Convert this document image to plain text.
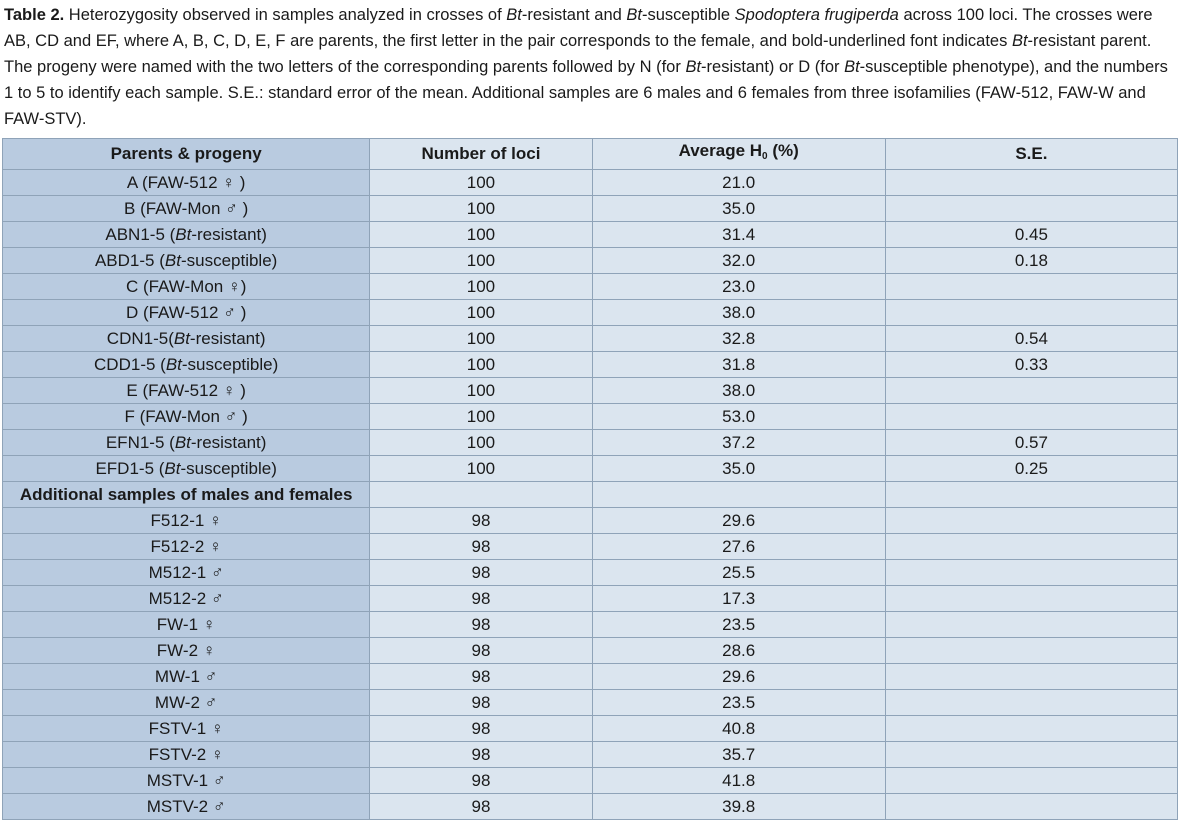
Table 2. Heterozygosity observed in samples analyzed in crosses of Bt-resistant and Bt-susceptible Spodoptera frugiperda across 100 loci. The crosses were AB, CD and EF, where A, B, C, D, E, F are parents, the first letter in the pair corresponds to the female, and bold-underlined font indicates Bt-resistant parent. The progeny were named with the two letters of the corresponding parents followed by N (for Bt-resistant) or D (for Bt-susceptible phenotype), and the numbers 1 to 5 to identify each sample. S.E.: standard error of the mean. Additional samples are 6 males and 6 females from three isofamilies (FAW-512, FAW-W and FAW-STV).
Parents & progeny	Number of loci	Average $H_0$ (%)	S.E.
A (FAW-512 ♀ )	100	21.0	
B (FAW-Mon ♂ )	100	35.0	
ABN1-5 (Bt-resistant)	100	31.4	0.45
ABD1-5 (Bt-susceptible)	100	32.0	0.18
C (FAW-Mon ♀)	100	23.0	
D (FAW-512 ♂ )	100	38.0	
CDN1-5(Bt-resistant)	100	32.8	0.54
CDD1-5 (Bt-susceptible)	100	31.8	0.33
E (FAW-512 ♀ )	100	38.0	
F (FAW-Mon ♂ )	100	53.0	
EFN1-5 (Bt-resistant)	100	37.2	0.57
EFD1-5 (Bt-susceptible)	100	35.0	0.25
Additional samples of males and females			
F512-1 ♀	98	29.6	
F512-2 ♀	98	27.6	
M512-1 ♂	98	25.5	
M512-2 ♂	98	17.3	
FW-1 ♀	98	23.5	
FW-2 ♀	98	28.6	
MW-1 ♂	98	29.6	
MW-2 ♂	98	23.5	
FSTV-1 ♀	98	40.8	
FSTV-2 ♀	98	35.7	
MSTV-1 ♂	98	41.8	
MSTV-2 ♂	98	39.8	
